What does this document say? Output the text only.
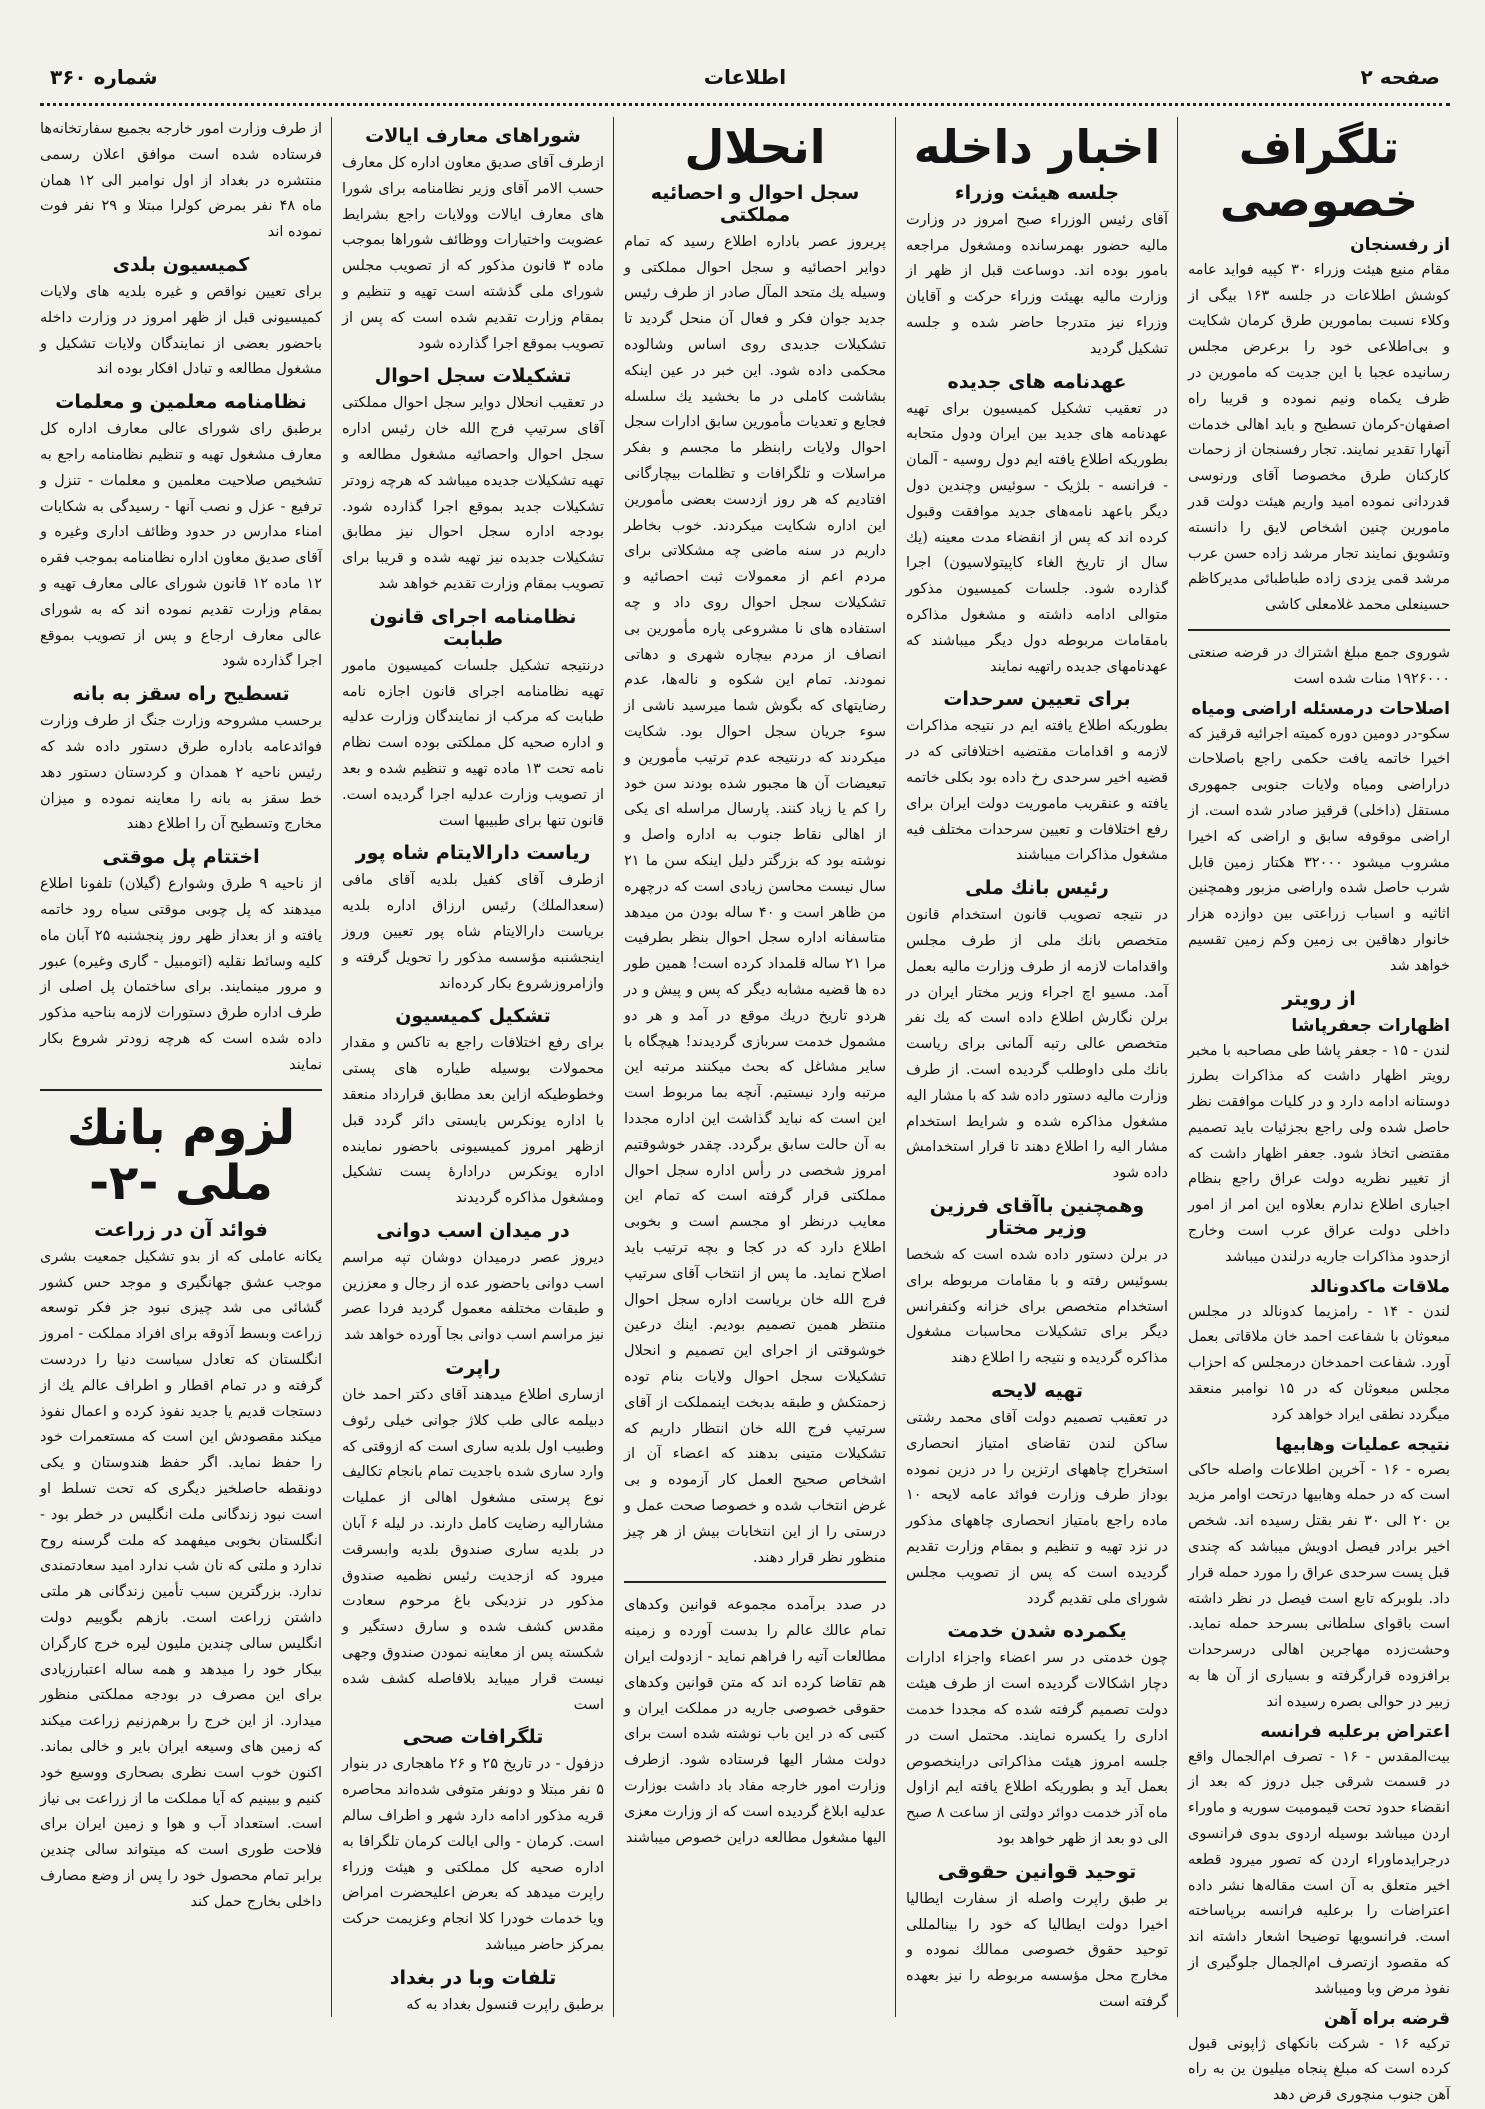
صفحه ۲
اطلاعات
شماره ۳۶۰
تلگراف خصوصی
از رفسنجان

مقام منیع هیئت وزراء ۳۰ کپیه فواید عامه کوشش اطلاعات در جلسه ۱۶۳ بیگی از وکلاء نسبت بمامورین طرق کرمان شکایت و بی‌اطلاعی خود را برعرض مجلس رسانیده عجبا با این جدیت که مامورین در ظرف یکماه ونیم نموده و قریبا راه اصفهان-کرمان تسطیح و باید اهالی خدمات آنهارا تقدیر نمایند. تجار رفسنجان از زحمات کارکنان طرق مخصوصا آقای ورنوسی قدردانی نموده امید واریم هیئت دولت قدر مامورین چنین اشخاص لایق را دانسته وتشویق نمایند تجار مرشد زاده حسن عرب مرشد قمی یزدی زاده طباطبائی مدیرکاظم حسینعلی محمد غلامعلی کاشی

شوروی جمع مبلغ اشتراك در قرضه صنعتی ۱۹۲۶۰۰۰ منات شده است

اصلاحات درمسئله اراضی ومیاه

سکو-در دومین دوره کمیته اجرائیه قرقیز که اخیرا خاتمه یافت حکمی راجع باصلاحات دراراضی ومیاه ولایات جنوبی جمهوری مستقل (داخلی) قرقیز صادر شده است. از اراضی موقوفه سابق و اراضی که اخیرا مشروب میشود ۳۲۰۰۰ هکتار زمین قابل شرب حاصل شده واراضی مزبور وهمچنین اثاثیه و اسباب زراعتی بین دوازده هزار خانوار دهاقین بی زمین وکم زمین تقسیم خواهد شد

از رویتر
اظهارات جعفرپاشا

لندن - ۱۵ - جعفر پاشا طی مصاحبه با مخبر رویتر اظهار داشت که مذاکرات بطرز دوستانه ادامه دارد و در کلیات موافقت نظر حاصل شده ولی راجع بجزئیات باید تصمیم مقتضی اتخاذ شود. جعفر اظهار داشت که از تغییر نظریه دولت عراق راجع بنظام اجباری اطلاع ندارم بعلاوه این امر از امور داخلی دولت عراق عرب است وخارج ازحدود مذاکرات جاریه درلندن میباشد

ملاقات ماکدونالد

لندن - ۱۴ - رامزیما کدونالد در مجلس مبعوثان با شفاعت احمد خان ملاقاتی بعمل آورد. شفاعت احمدخان درمجلس که احزاب مجلس مبعوثان که در ۱۵ نوامبر منعقد میگردد نطقی ایراد خواهد کرد

نتیجه عملیات وهابیها

بصره - ۱۶ - آخرین اطلاعات واصله حاکی است که در حمله وهابیها درتحت اوامر مزید بن ۲۰ الی ۳۰ نفر بقتل رسیده اند. شخص اخیر برادر فیصل ادویش میباشد که چندی قبل پست سرحدی عراق را مورد حمله قرار داد. بلوبرکه تابع است فیصل در نظر داشته است باقوای سلطانی بسرحد حمله نماید. وحشت‌زده مهاجرین اهالی درسرحدات برافزوده قرارگرفته و بسیاری از آن ها به زبیر در حوالی بصره رسیده اند

اعتراض برعلیه فرانسه

بیت‌المقدس - ۱۶ - تصرف ام‌الجمال واقع در قسمت شرقی جبل دروز که بعد از انقضاء حدود تحت قیمومیت سوریه و ماوراء اردن میباشد بوسیله اردوی بدوی فرانسوی درجرایدماوراء اردن که تصور میرود قطعه اخیر متعلق به آن است مقاله‌ها نشر داده اعتراضات را برعلیه فرانسه برپاساخته است. فرانسویها توضیحا اشعار داشته اند که مقصود ازتصرف ام‌الجمال جلوگیری از نفوذ مرض وبا ومیباشد

قرضه براه آهن

ترکیه ۱۶ - شرکت بانکهای ژاپونی قبول کرده است که مبلغ پنجاه میلیون ین به راه آهن جنوب منچوری قرض دهد

اخبار داخله
جلسه هیئت وزراء

آقای رئیس الوزراء صبح امروز در وزارت مالیه حضور بهمرسانده ومشغول مراجعه بامور بوده اند. دوساعت قبل از ظهر از وزارت مالیه بهیئت وزراء حرکت و آقایان وزراء نیز متدرجا حاضر شده و جلسه تشکیل گردید

عهدنامه های جدیده

در تعقیب تشکیل کمیسیون برای تهیه عهدنامه های جدید بین ایران ودول متحابه بطوریکه اطلاع یافته ایم دول روسیه - آلمان - فرانسه - بلژیک - سوئیس وچندین دول دیگر باعهد نامه‌های جدید موافقت وقبول کرده اند که پس از انقضاء مدت معینه (یك سال از تاریخ الغاء کاپیتولاسیون) اجرا گذارده شود. جلسات کمیسیون مذکور متوالی ادامه داشته و مشغول مذاکره بامقامات مربوطه دول دیگر میباشند که عهدنامهای جدیده راتهیه نمایند

برای تعیین سرحدات

بطوریکه اطلاع یافته ایم در نتیجه مذاکرات لازمه و اقدامات مقتضیه اختلافاتی که در قضیه اخیر سرحدی رخ داده بود بکلی خاتمه یافته و عنقریب ماموریت دولت ایران برای رفع اختلافات و تعیین سرحدات مختلف فیه مشغول مذاکرات میباشند

رئیس بانك ملی

در نتیجه تصویب قانون استخدام قانون متخصص بانك ملی از طرف مجلس واقدامات لازمه از طرف وزارت مالیه بعمل آمد. مسیو اچ اجراء وزیر مختار ایران در برلن نگارش اطلاع داده است که یك نفر متخصص عالی رتبه آلمانی برای ریاست بانك ملی داوطلب گردیده است. از طرف وزارت مالیه دستور داده شد که با مشار الیه مشغول مذاکره شده و شرایط استخدام مشار الیه را اطلاع دهند تا قرار استخدامش داده شود

وهمچنین باآقای فرزین وزیر مختار

در برلن دستور داده شده است که شخصا بسوئیس رفته و با مقامات مربوطه برای استخدام متخصص برای خزانه وکنفرانس دیگر برای تشکیلات محاسبات مشغول مذاکره گردیده و نتیجه را اطلاع دهند

تهیه لایحه

در تعقیب تصمیم دولت آقای محمد رشتی ساکن لندن تقاضای امتیاز انحصاری استخراج چاههای ارتزین را در دزین نموده بوداز طرف وزارت فوائد عامه لایحه ۱۰ ماده راجع بامتیاز انحصاری چاههای مذکور در نزد تهیه و تنظیم و بمقام وزارت تقدیم گردیده است که پس از تصویب مجلس شورای ملی تقدیم گردد

یکمرده شدن خدمت

چون خدمتی در سر اعضاء واجزاء ادارات دچار اشکالات گردیده است از طرف هیئت دولت تصمیم گرفته شده که مجددا خدمت اداری را یکسره نمایند. محتمل است در جلسه امروز هیئت مذاکراتی دراینخصوص بعمل آید و بطوریکه اطلاع یافته ایم ازاول ماه آذر خدمت دوائر دولتی از ساعت ۸ صبح الی دو بعد از ظهر خواهد بود

توحید قوانین حقوقی

بر طبق راپرت واصله از سفارت ایطالیا اخیرا دولت ایطالیا که خود را بینالمللی توحید حقوق خصوصی ممالك نموده و مخارج محل مؤسسه مربوطه را نیز بعهده گرفته است

انحلال
سجل احوال و احصائیه مملکتی

پریروز عصر باداره اطلاع رسید که تمام دوایر احصائیه و سجل احوال مملکتی و وسیله یك متحد المآل صادر از طرف رئیس جدید جوان فکر و فعال آن منحل گردید تا تشکیلات جدیدی روی اساس وشالوده محکمی داده شود. این خبر در عین اینکه بشاشت کاملی در ما بخشید یك سلسله فجایع و تعدیات مأمورین سابق ادارات سجل احوال ولایات رابنظر ما مجسم و بفکر مراسلات و تلگرافات و تظلمات بیچارگانی افتادیم که هر روز ازدست بعضی مأمورین این اداره شکایت میکردند. خوب بخاطر داریم در سنه ماضی چه مشکلاتی برای مردم اعم از معمولات ثبت احصائیه و تشکیلات سجل احوال روی داد و چه استفاده های نا مشروعی پاره مأمورین بی انصاف از مردم بیچاره شهری و دهاتی نمودند. تمام این شکوه و ناله‌ها، عدم رضایتهای که بگوش شما میرسید ناشی از سوء جریان سجل احوال بود. شکایت میکردند که درنتیجه عدم ترتیب مأمورین و تبعیضات آن ها مجبور شده بودند سن خود را کم یا زیاد کنند. پارسال مراسله ای یکی از اهالی نقاط جنوب به اداره واصل و نوشته بود که بزرگتر دلیل اینکه سن ما ۲۱ سال نیست محاسن زیادی است که درچهره من ظاهر است و ۴۰ ساله بودن من میدهد متاسفانه اداره سجل احوال بنظر بطرفیت مرا ۲۱ ساله قلمداد کرده است! همین طور ده ها قضیه مشابه دیگر که پس و پیش و در هردو تاریخ دریك موقع در آمد و هر دو مشمول خدمت سربازی گردیدند! هیچگاه با سایر مشاغل که بحث میکنند مرتبه این مرتبه وارد نیستیم. آنچه بما مربوط است این است که نباید گذاشت این اداره مجددا به آن حالت سابق برگردد. چقدر خوشوقتیم امروز شخصی در رأس اداره سجل احوال مملکتی قرار گرفته است که تمام این معایب درنظر او مجسم است و بخوبی اطلاع دارد که در کجا و بچه ترتیب باید اصلاح نماید. ما پس از انتخاب آقای سرتیپ فرج الله خان بریاست اداره سجل احوال منتظر همین تصمیم بودیم. اینك درعین خوشوقتی از اجرای این تصمیم و انحلال تشکیلات سجل احوال ولایات بنام توده زحمتکش و طبقه بدبخت اینمملکت از آقای سرتیپ فرج الله خان انتظار داریم که تشکیلات متینی بدهند که اعضاء آن از اشخاص صحیح العمل کار آزموده و بی غرض انتخاب شده و خصوصا صحت عمل و درستی را از این انتخابات بیش از هر چیز منظور نظر قرار دهند.

در صدد برآمده مجموعه قوانین وکدهای تمام عالك عالم را بدست آورده و زمینه مطالعات آتیه را فراهم نماید - ازدولت ایران هم تقاضا کرده اند که متن قوانین وکدهای حقوقی خصوصی جاریه در مملکت ایران و کتبی که در این باب نوشته شده است برای دولت مشار الیها فرستاده شود. ازطرف وزارت امور خارجه مفاد باد داشت بوزارت عدلیه ابلاغ گردیده است که از وزارت معزی الیها مشغول مطالعه دراین خصوص میباشند

شوراهای معارف ایالات

ازطرف آقای صدیق معاون اداره کل معارف حسب الامر آقای وزیر نظامنامه برای شورا های معارف ایالات وولایات راجع بشرایط عضویت واختیارات ووظائف شوراها بموجب ماده ۳ قانون مذکور که از تصویب مجلس شورای ملی گذشته است تهیه و تنظیم و بمقام وزارت تقدیم شده است که پس از تصویب بموقع اجرا گذارده شود

تشکیلات سجل احوال

در تعقیب انحلال دوایر سجل احوال مملکتی آقای سرتیپ فرج الله خان رئیس اداره سجل احوال واحصائیه مشغول مطالعه و تهیه تشکیلات جدیده میباشد که هرچه زودتر تشکیلات جدید بموقع اجرا گذارده شود. بودجه اداره سجل احوال نیز مطابق تشکیلات جدیده نیز تهیه شده و قریبا برای تصویب بمقام وزارت تقدیم خواهد شد

نظامنامه اجرای قانون طبابت

درنتیجه تشکیل جلسات کمیسیون مامور تهیه نظامنامه اجرای قانون اجازه نامه طبابت که مرکب از نمایندگان وزارت عدلیه و اداره صحیه کل مملکتی بوده است نظام نامه تحت ۱۳ ماده تهیه و تنظیم شده و بعد از تصویب وزارت عدلیه اجرا گردیده است. قانون تنها برای طبیبها است

ریاست دارالایتام شاه پور

ازطرف آقای کفیل بلدیه آقای مافی (سعدالملك) رئیس ارزاق اداره بلدیه بریاست دارالایتام شاه پور تعیین وروز اینجشنبه مؤسسه مذکور را تحویل گرفته و وازامروزشروع بکار کرده‌اند

تشکیل کمیسیون

برای رفع اختلافات راجع به تاکس و مقدار محمولات بوسیله طیاره های پستی وخطوطیکه ازاین بعد مطابق قرارداد منعقد با اداره یونکرس بایستی دائر گردد قبل ازظهر امروز کمیسیونی باحضور نماینده اداره یونکرس درادارهٔ پست تشکیل ومشغول مذاکره گردیدند

در میدان اسب دوانی

دیروز عصر درمیدان دوشان تپه مراسم اسب دوانی باحضور عده از رجال و معززین و طبقات مختلفه معمول گردید فردا عصر نیز مراسم اسب دوانی بجا آورده خواهد شد

راپرت

ازساری اطلاع میدهند آقای دکتر احمد خان دبیلمه عالی طب کلاژ جوانی خیلی رئوف وطبیب اول بلدیه ساری است که ازوقتی که وارد ساری شده باجدیت تمام بانجام تکالیف نوع پرستی مشغول اهالی از عملیات مشارالیه رضایت کامل دارند. در لیله ۶ آبان در بلدیه ساری صندوق بلدیه وابسرقت میرود که ازجدیت رئیس نظمیه صندوق مذکور در نزدیکی باغ مرحوم سعادت مقدس کشف شده و سارق دستگیر و شکسته پس از معاینه نمودن صندوق وجهی نیست قرار میباید بلافاصله کشف شده است

تلگرافات صحی

دزفول - در تاریخ ۲۵ و ۲۶ ماهجاری در بنوار ۵ نفر مبتلا و دونفر متوفی شده‌اند محاصره قریه مذکور ادامه دارد شهر و اطراف سالم است. کرمان - والی ایالت کرمان تلگرافا به اداره صحیه کل مملکتی و هیئت وزراء راپرت میدهد که بعرض اعلیحضرت امراض ویا خدمات خودرا کلا انجام وعزیمت حرکت بمرکز حاضر میباشد

تلفات وبا در بغداد

برطبق راپرت قنسول بغداد به که

از طرف وزارت امور خارجه بجمیع سفارتخانه‌ها فرستاده شده است موافق اعلان رسمی منتشره در بغداد از اول نوامبر الی ۱۲ همان ماه ۴۸ نفر بمرض کولرا مبتلا و ۲۹ نفر فوت نموده اند

کمیسیون بلدی

برای تعیین نواقص و غیره بلدیه های ولایات کمیسیونی قبل از ظهر امروز در وزارت داخله باحضور بعضی از نمایندگان ولایات تشکیل و مشغول مطالعه و تبادل افکار بوده اند

نظامنامه معلمین و معلمات

برطبق رای شورای عالی معارف اداره کل معارف مشغول تهیه و تنظیم نظامنامه راجع به تشخیص صلاحیت معلمین و معلمات - تنزل و ترفیع - عزل و نصب آنها - رسیدگی به شکایات امناء مدارس در حدود وظائف اداری وغیره و آقای صدیق معاون اداره نظامنامه بموجب فقره ۱۲ ماده ۱۲ قانون شورای عالی معارف تهیه و بمقام وزارت تقدیم نموده اند که به شورای عالی معارف ارجاع و پس از تصویب بموقع اجرا گذارده شود

تسطیح راه سقز به بانه

برحسب مشروحه وزارت جنگ از طرف وزارت فوائدعامه باداره طرق دستور داده شد که رئیس ناحیه ۲ همدان و کردستان دستور دهد خط سقز به بانه را معاینه نموده و میزان مخارج وتسطیح آن را اطلاع دهند

اختتام پل موقتی

از ناحیه ۹ طرق وشوارع (گیلان) تلفونا اطلاع میدهند که پل چوبی موقتی سیاه رود خاتمه یافته و از بعداز ظهر روز پنجشنبه ۲۵ آبان ماه کلیه وسائط نقلیه (اتومبیل - گاری وغیره) عبور و مرور مینمایند. برای ساختمان پل اصلی از طرف اداره طرق دستورات لازمه بناحیه مذکور داده شده است که هرچه زودتر شروع بکار نمایند

لزوم بانك ملی -۲-
فوائد آن در زراعت

یکانه عاملی که از بدو تشکیل جمعیت بشری موجب عشق جهانگیری و موجد حس کشور گشائی می شد چیزی نبود جز فکر توسعه زراعت وبسط آذوقه برای افراد مملکت - امروز انگلستان که تعادل سیاست دنیا را دردست گرفته و در تمام اقطار و اطراف عالم یك از دستجات قدیم یا جدید نفوذ کرده و اعمال نفوذ میکند مقصودش این است که مستعمرات خود را حفظ نماید. اگر حفظ هندوستان و یکی دونقطه حاصلخیز دیگری که تحت تسلط او است نبود زندگانی ملت انگلیس در خطر بود - انگلستان بخوبی میفهمد که ملت گرسنه روح ندارد و ملتی که نان شب ندارد امید سعادتمندی ندارد. بزرگترین سبب تأمین زندگانی هر ملتی داشتن زراعت است. بازهم بگوییم دولت انگلیس سالی چندین ملیون لیره خرج کارگران بیکار خود را میدهد و همه ساله اعتبارزیادی برای این مصرف در بودجه مملکتی منظور میدارد. از این خرج را برهم‌زنیم زراعت میکند که زمین های وسیعه ایران بایر و خالی بماند. اکنون خوب است نظری بصحاری ووسیع خود کنیم و ببینیم که آیا مملکت ما از زراعت بی نیاز است. استعداد آب و هوا و زمین ایران برای فلاحت طوری است که میتواند سالی چندین برابر تمام محصول خود را پس از وضع مصارف داخلی بخارج حمل کند
